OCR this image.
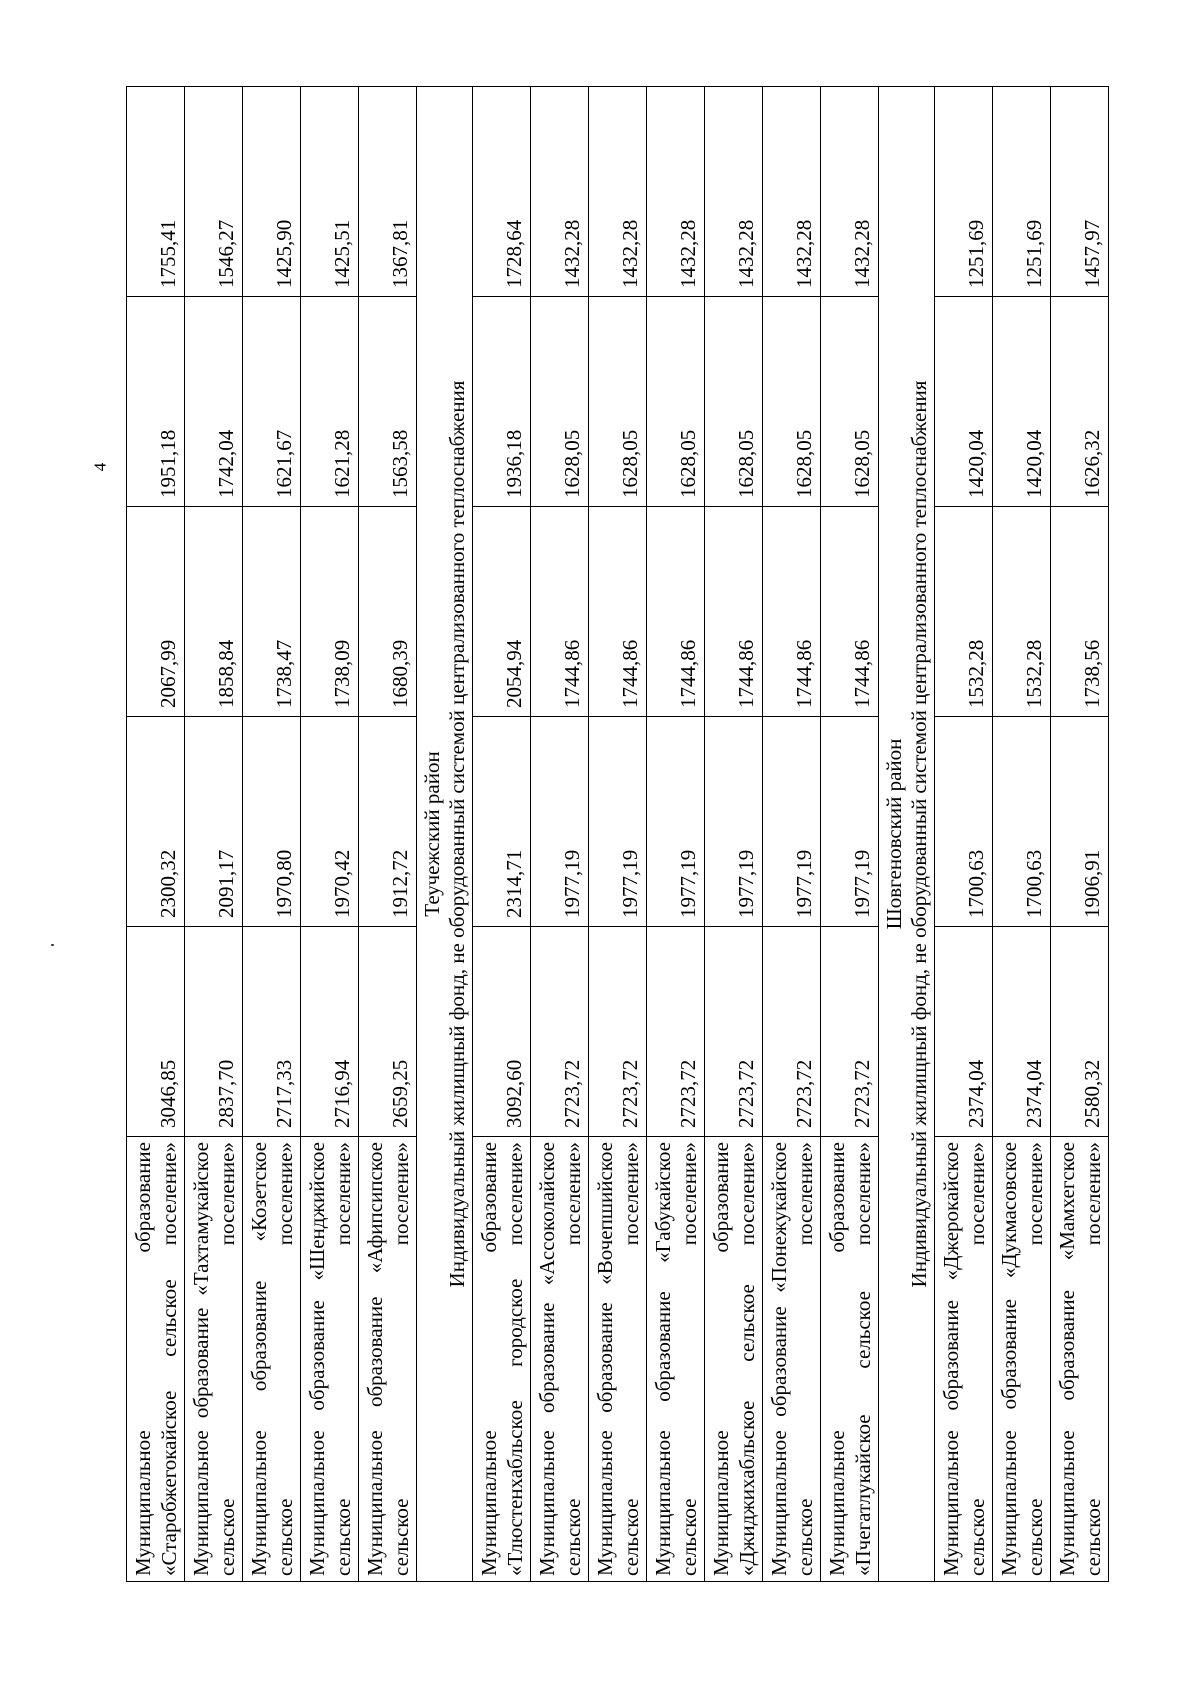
4
Муниципальное образование «Старобжегокайское сельское поселение»	3046,85	2300,32	2067,99	1951,18	1755,41

Муниципальное образование «Тахтамукайское сельское поселение»	2837,70	2091,17	1858,84	1742,04	1546,27

Муниципальное образование «Козетское сельское поселение»	2717,33	1970,80	1738,47	1621,67	1425,90

Муниципальное образование «Шенджийское сельское поселение»	2716,94	1970,42	1738,09	1621,28	1425,51

Муниципальное образование «Афипсипское сельское поселение»	2659,25	1912,72	1680,39	1563,58	1367,81

Теучежский район Индивидуальный жилищный фонд, не оборудованный системой централизованного теплоснабжения					

Муниципальное образование «Тлюстенхабльское городское поселение»	3092,60	2314,71	2054,94	1936,18	1728,64

Муниципальное образование «Ассоколайское сельское поселение»	2723,72	1977,19	1744,86	1628,05	1432,28

Муниципальное образование «Вочепшийское сельское поселение»	2723,72	1977,19	1744,86	1628,05	1432,28

Муниципальное образование «Габукайское сельское поселение»	2723,72	1977,19	1744,86	1628,05	1432,28

Муниципальное образование «Джиджихабльское сельское поселение»	2723,72	1977,19	1744,86	1628,05	1432,28

Муниципальное образование «Понежукайское сельское поселение»	2723,72	1977,19	1744,86	1628,05	1432,28

Муниципальное образование «Пчегатлукайское сельское поселение»	2723,72	1977,19	1744,86	1628,05	1432,28

Шовгеновский район Индивидуальный жилищный фонд, не оборудованный системой централизованного теплоснабжения					

Муниципальное образование «Джерокайское сельское поселение»	2374,04	1700,63	1532,28	1420,04	1251,69

Муниципальное образование «Дукмасовское сельское поселение»	2374,04	1700,63	1532,28	1420,04	1251,69

Муниципальное образование «Мамхегское сельское поселение»	2580,32	1906,91	1738,56	1626,32	1457,97
